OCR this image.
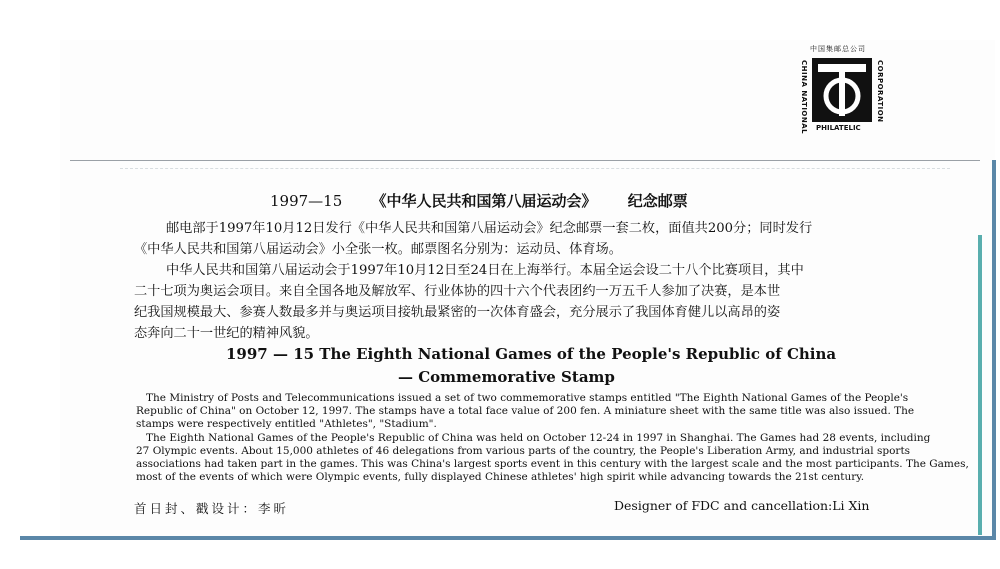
中国集邮总公司
CHINA NATIONAL	CORPORATION
PHILATELIC
1997—15 《中华人民共和国第八届运动会》 纪念邮票
邮电部于1997年10月12日发行《中华人民共和国第八届运动会》纪念邮票一套二枚，面值共200分；同时发行
《中华人民共和国第八届运动会》小全张一枚。邮票图名分别为：运动员、体育场。
中华人民共和国第八届运动会于1997年10月12日至24日在上海举行。本届全运会设二十八个比赛项目，其中
二十七项为奥运会项目。来自全国各地及解放军、行业体协的四十六个代表团约一万五千人参加了决赛，是本世
纪我国规模最大、参赛人数最多并与奥运项目接轨最紧密的一次体育盛会，充分展示了我国体育健儿以高昂的姿
态奔向二十一世纪的精神风貌。
1997 — 15 The Eighth National Games of the People's Republic of China
— Commemorative Stamp
The Ministry of Posts and Telecommunications issued a set of two commemorative stamps entitled "The Eighth National Games of the People's
Republic of China" on October 12, 1997. The stamps have a total face value of 200 fen. A miniature sheet with the same title was also issued. The
stamps were respectively entitled "Athletes", "Stadium".
The Eighth National Games of the People's Republic of China was held on October 12-24 in 1997 in Shanghai. The Games had 28 events, including
27 Olympic events. About 15,000 athletes of 46 delegations from various parts of the country, the People's Liberation Army, and industrial sports
associations had taken part in the games. This was China's largest sports event in this century with the largest scale and the most participants. The Games,
most of the events of which were Olympic events, fully displayed Chinese athletes' high spirit while advancing towards the 21st century.
首日封、戳设计：李昕	Designer of FDC and cancellation:Li Xin
